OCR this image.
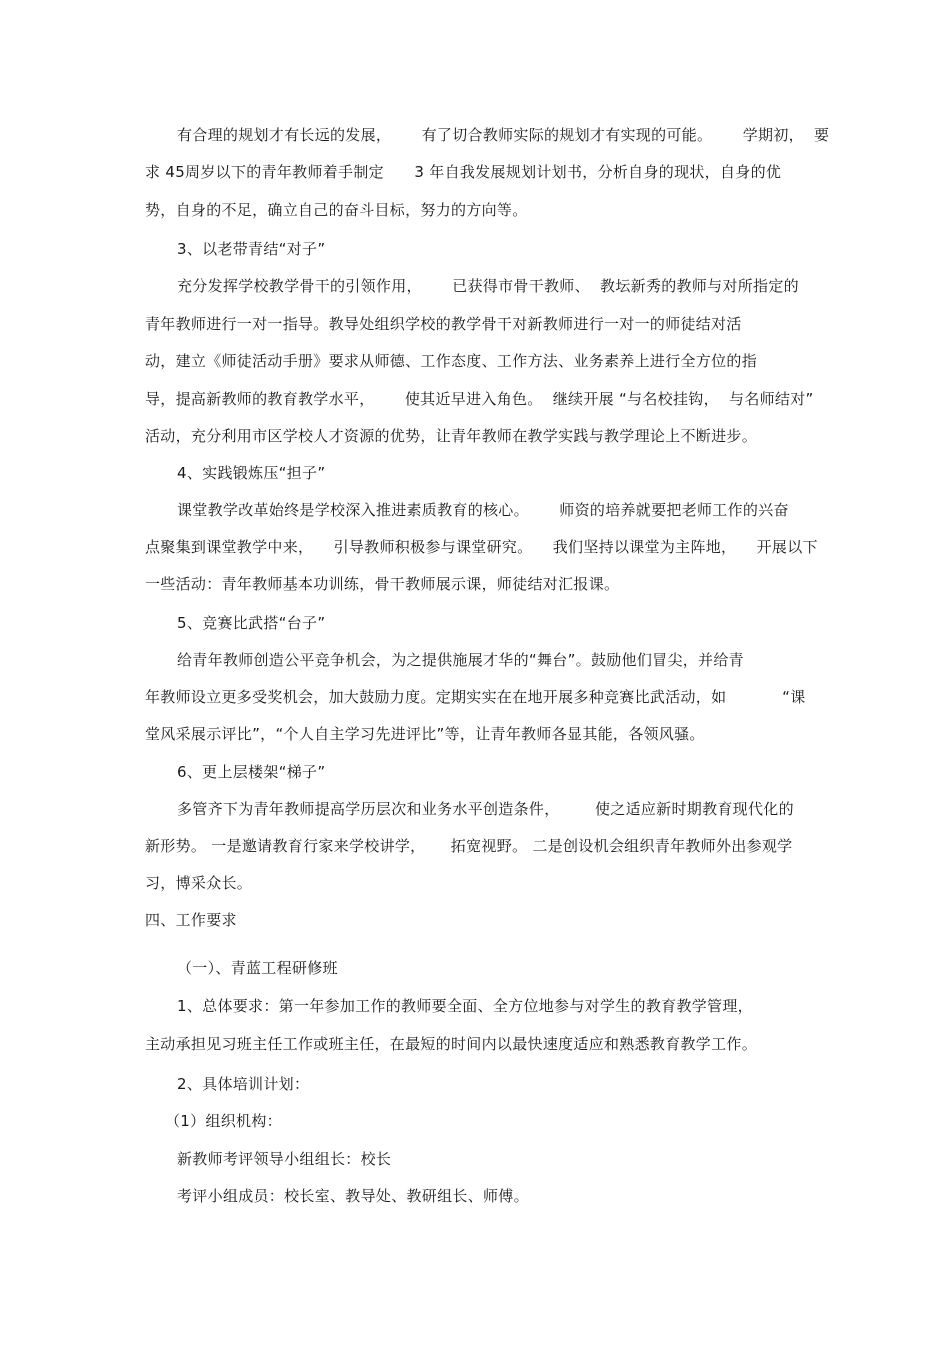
有合理的规划才有长远的发展，      有了切合教师实际的规划才有实现的可能。      学期初，  要
求 45周岁以下的青年教师着手制定      3 年自我发展规划计划书，分析自身的现状，自身的优
势，自身的不足，确立自己的奋斗目标，努力的方向等。
3、以老带青结“对子”
充分发挥学校教学骨干的引领作用，      已获得市骨干教师、  教坛新秀的教师与对所指定的
青年教师进行一对一指导。教导处组织学校的教学骨干对新教师进行一对一的师徒结对活
动，建立《师徒活动手册》要求从师德、工作态度、工作方法、业务素养上进行全方位的指
导，提高新教师的教育教学水平，      使其近早进入角色。  继续开展 “与名校挂钩，  与名师结对”
活动，充分利用市区学校人才资源的优势，让青年教师在教学实践与教学理论上不断进步。
4、实践锻炼压“担子”
课堂教学改革始终是学校深入推进素质教育的核心。      师资的培养就要把老师工作的兴奋
点聚集到课堂教学中来，    引导教师积极参与课堂研究。    我们坚持以课堂为主阵地，    开展以下
一些活动：青年教师基本功训练，骨干教师展示课，师徒结对汇报课。
5、竞赛比武搭“台子”
给青年教师创造公平竞争机会，为之提供施展才华的“舞台”。鼓励他们冒尖，并给青
年教师设立更多受奖机会，加大鼓励力度。定期实实在在地开展多种竞赛比武活动，如           “课
堂风采展示评比”，“个人自主学习先进评比”等，让青年教师各显其能，各领风骚。
6、更上层楼架“梯子”
多管齐下为青年教师提高学历层次和业务水平创造条件，       使之适应新时期教育现代化的
新形势。 一是邀请教育行家来学校讲学，     拓宽视野。 二是创设机会组织青年教师外出参观学
习，博采众长。
四、工作要求
（一）、青蓝工程研修班
1、总体要求：第一年参加工作的教师要全面、全方位地参与对学生的教育教学管理，
主动承担见习班主任工作或班主任，在最短的时间内以最快速度适应和熟悉教育教学工作。
2、具体培训计划：
（1）组织机构：
新教师考评领导小组组长：校长
考评小组成员：校长室、教导处、教研组长、师傅。
